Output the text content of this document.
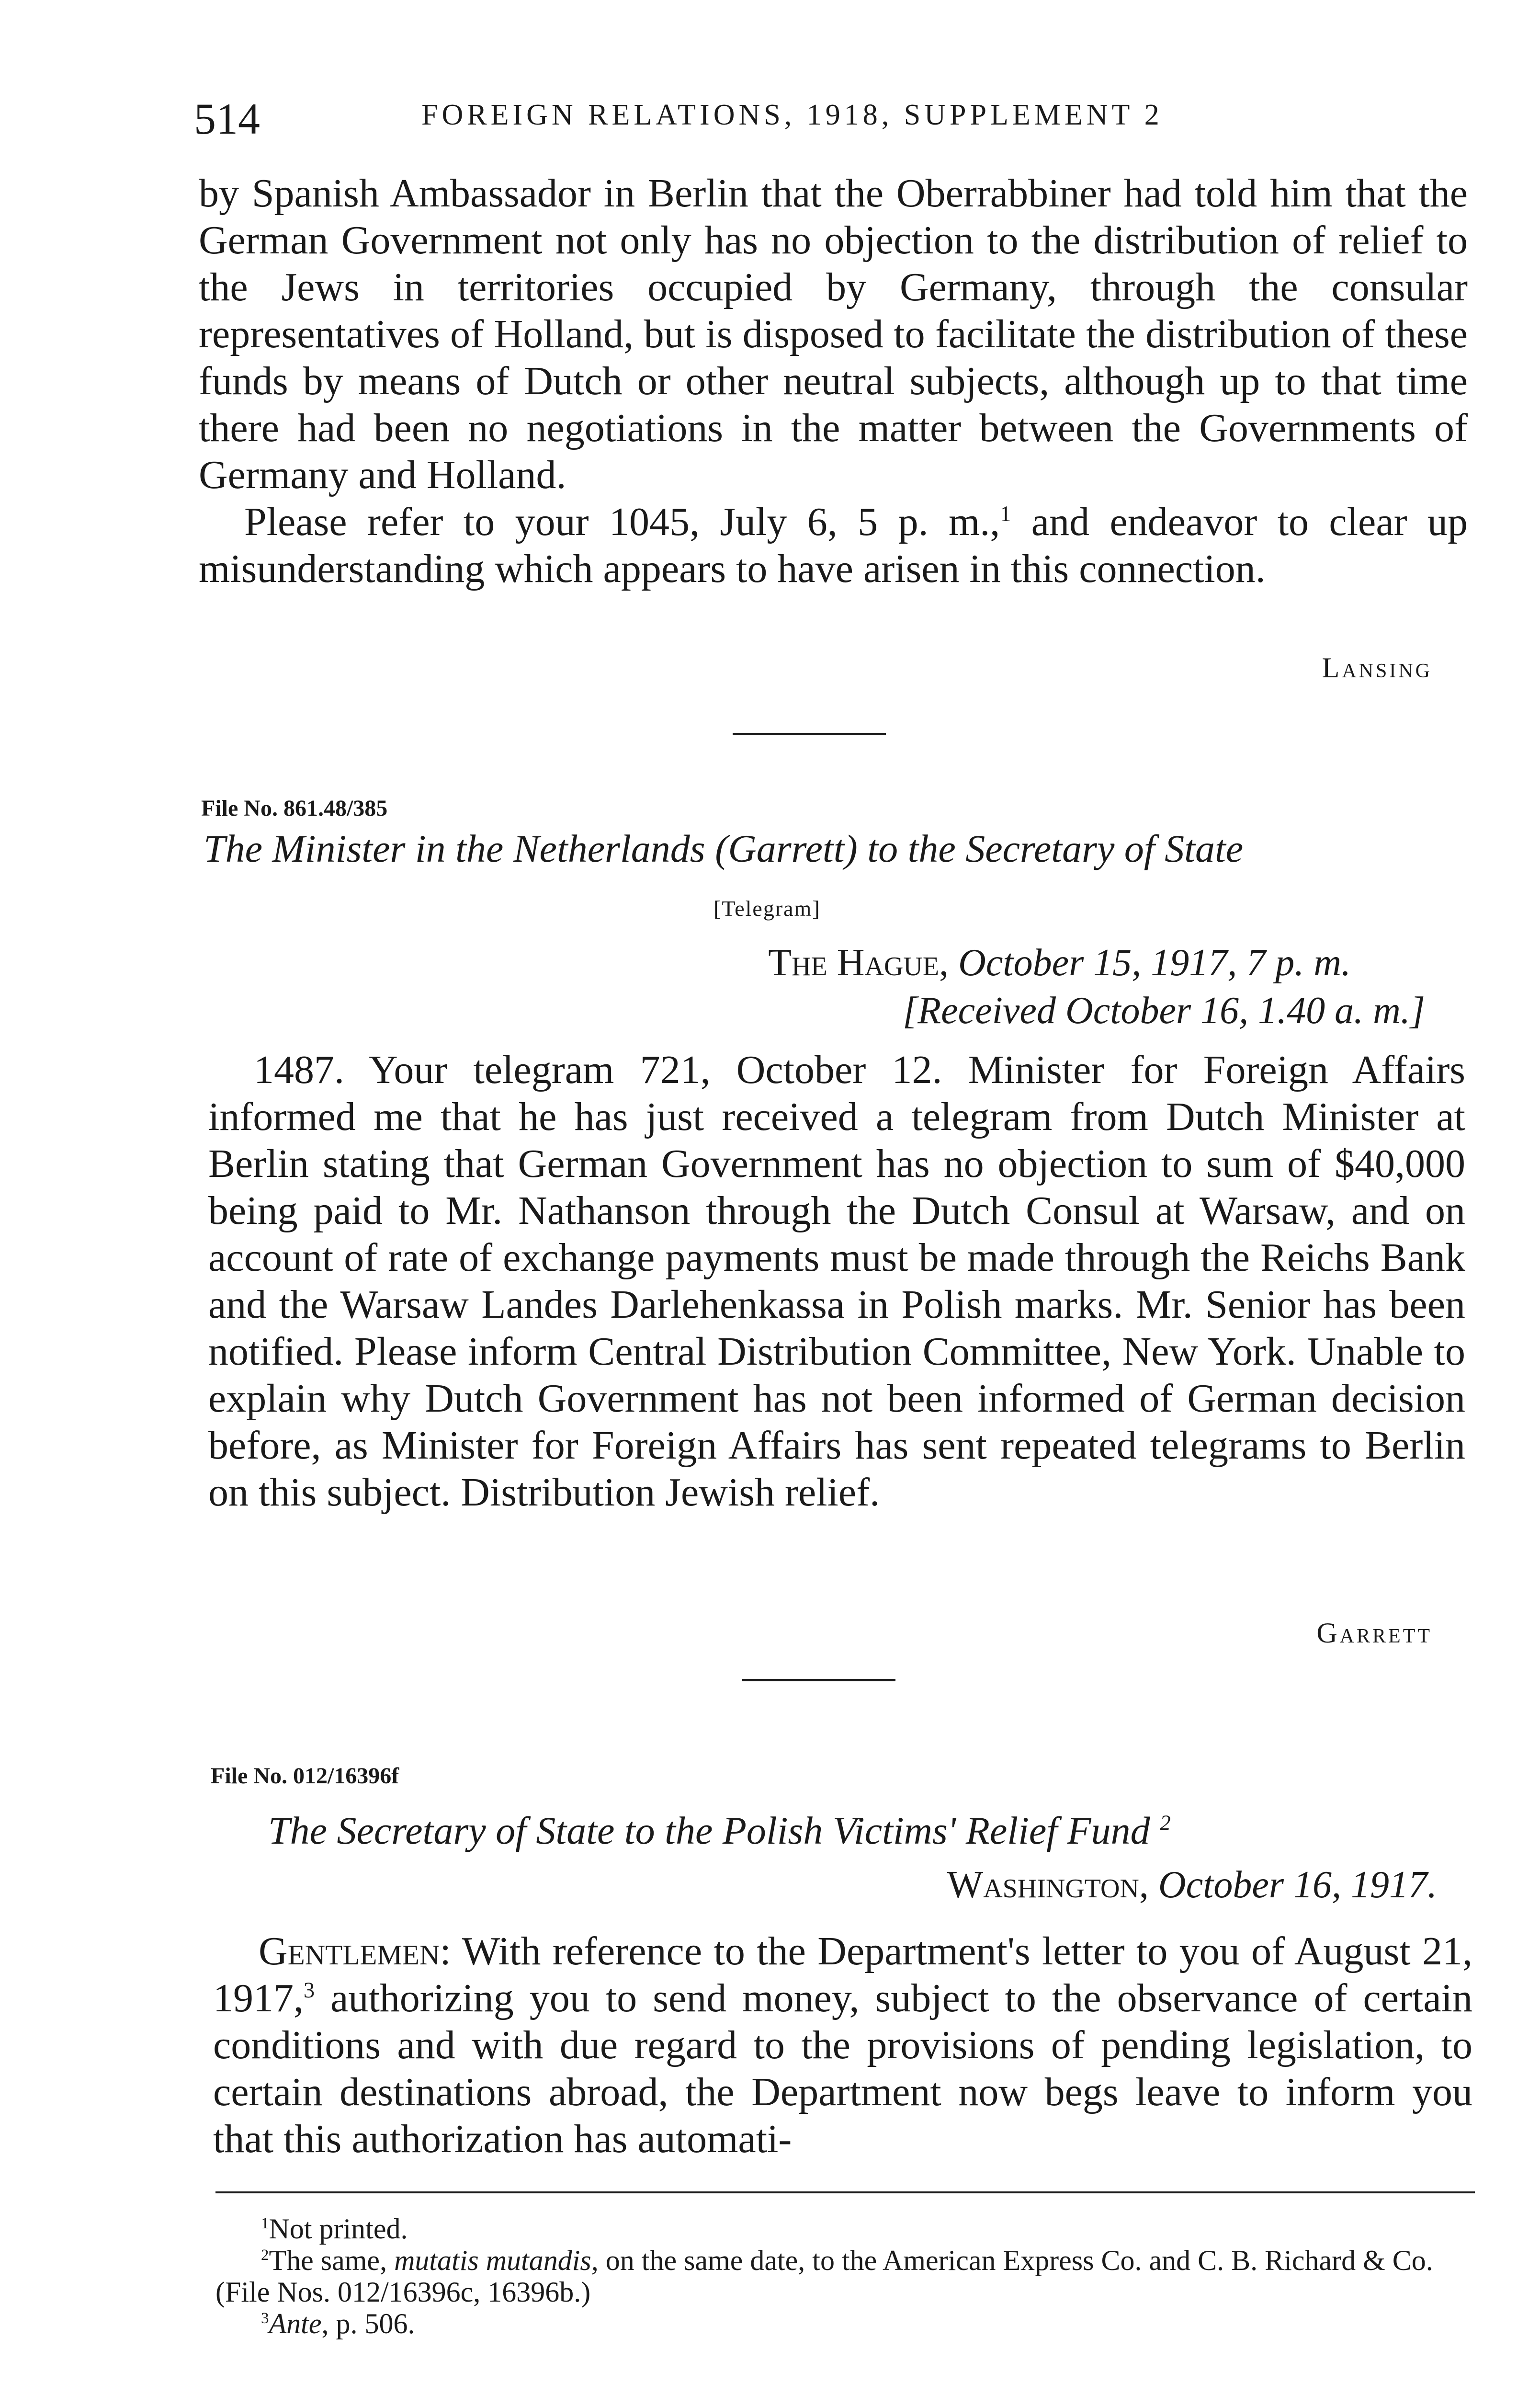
514	FOREIGN RELATIONS, 1918, SUPPLEMENT 2

by Spanish Ambassador in Berlin that the Oberrabbiner had told him that the German Government not only has no objection to the distribution of relief to the Jews in territories occupied by Germany, through the consular representatives of Holland, but is disposed to facilitate the distribution of these funds by means of Dutch or other neutral subjects, although up to that time there had been no negotiations in the matter between the Governments of Germany and Holland.

Please refer to your 1045, July 6, 5 p. m.,$^1$ and endeavor to clear up misunderstanding which appears to have arisen in this connection.

Lansing
File No. 861.48/385
The Minister in the Netherlands (Garrett) to the Secretary of State
[Telegram]
The Hague, October 15, 1917, 7 p. m.
[Received October 16, 1.40 a. m.]

1487. Your telegram 721, October 12. Minister for Foreign Affairs informed me that he has just received a telegram from Dutch Minister at Berlin stating that German Government has no objection to sum of $40,000 being paid to Mr. Nathanson through the Dutch Consul at Warsaw, and on account of rate of exchange payments must be made through the Reichs Bank and the Warsaw Landes Darlehenkassa in Polish marks. Mr. Senior has been notified. Please inform Central Distribution Committee, New York. Unable to explain why Dutch Government has not been informed of German decision before, as Minister for Foreign Affairs has sent repeated telegrams to Berlin on this subject. Distribution Jewish relief.

Garrett
File No. 012/16396f
The Secretary of State to the Polish Victims' Relief Fund $^2$
Washington, October 16, 1917.

Gentlemen: With reference to the Department's letter to you of August 21, 1917,$^3$ authorizing you to send money, subject to the observance of certain conditions and with due regard to the provisions of pending legislation, to certain destinations abroad, the Department now begs leave to inform you that this authorization has automati-

$^1$Not printed.

$^2$The same, mutatis mutandis, on the same date, to the American Express Co. and C. B. Richard & Co. (File Nos. 012/16396c, 16396b.)

$^3$Ante, p. 506.
